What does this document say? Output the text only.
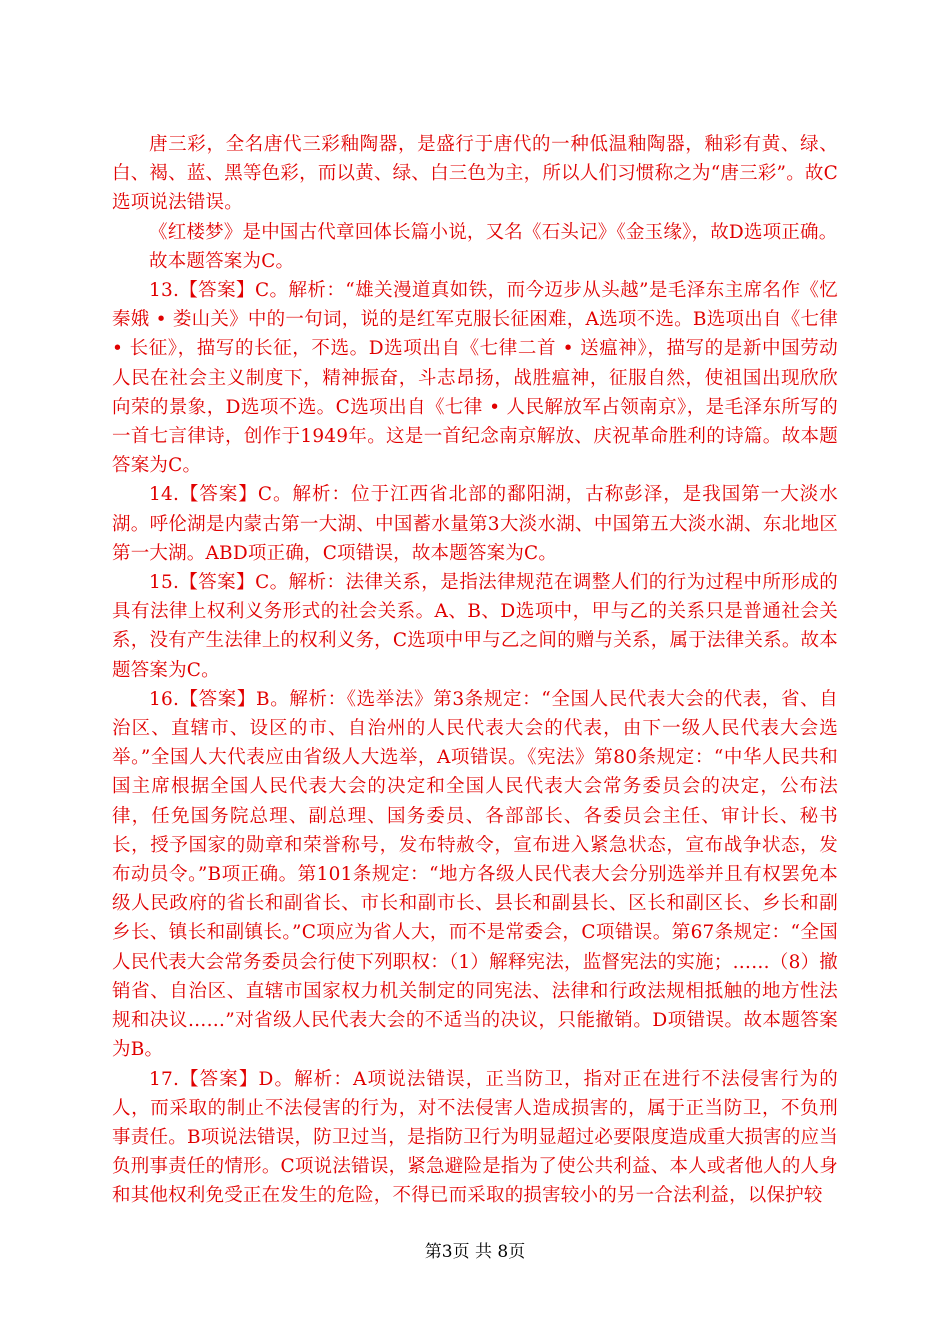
唐三彩，全名唐代三彩釉陶器，是盛行于唐代的一种低温釉陶器，釉彩有黄、绿、白、褐、蓝、黑等色彩，而以黄、绿、白三色为主，所以人们习惯称之为“唐三彩”。故C选项说法错误。

《红楼梦》是中国古代章回体长篇小说，又名《石头记》《金玉缘》，故D选项正确。

故本题答案为C。

13.【答案】C。解析：“雄关漫道真如铁，而今迈步从头越”是毛泽东主席名作《忆秦娥 • 娄山关》中的一句词，说的是红军克服长征困难，A选项不选。B选项出自《七律 • 长征》，描写的长征，不选。D选项出自《七律二首 • 送瘟神》，描写的是新中国劳动人民在社会主义制度下，精神振奋，斗志昂扬，战胜瘟神，征服自然，使祖国出现欣欣向荣的景象，D选项不选。C选项出自《七律 • 人民解放军占领南京》，是毛泽东所写的一首七言律诗，创作于1949年。这是一首纪念南京解放、庆祝革命胜利的诗篇。故本题答案为C。

14.【答案】C。解析：位于江西省北部的鄱阳湖，古称彭泽，是我国第一大淡水湖。呼伦湖是内蒙古第一大湖、中国蓄水量第3大淡水湖、中国第五大淡水湖、东北地区第一大湖。ABD项正确，C项错误，故本题答案为C。

15.【答案】C。解析：法律关系，是指法律规范在调整人们的行为过程中所形成的具有法律上权利义务形式的社会关系。A、B、D选项中，甲与乙的关系只是普通社会关系，没有产生法律上的权利义务，C选项中甲与乙之间的赠与关系，属于法律关系。故本题答案为C。

16.【答案】B。解析：《选举法》第3条规定：“全国人民代表大会的代表，省、自治区、直辖市、设区的市、自治州的人民代表大会的代表，由下一级人民代表大会选举。”全国人大代表应由省级人大选举，A项错误。《宪法》第80条规定：“中华人民共和国主席根据全国人民代表大会的决定和全国人民代表大会常务委员会的决定，公布法律，任免国务院总理、副总理、国务委员、各部部长、各委员会主任、审计长、秘书长，授予国家的勋章和荣誉称号，发布特赦令，宣布进入紧急状态，宣布战争状态，发布动员令。”B项正确。第101条规定：“地方各级人民代表大会分别选举并且有权罢免本级人民政府的省长和副省长、市长和副市长、县长和副县长、区长和副区长、乡长和副乡长、镇长和副镇长。”C项应为省人大，而不是常委会，C项错误。第67条规定：“全国人民代表大会常务委员会行使下列职权：（1）解释宪法，监督宪法的实施；……（8）撤销省、自治区、直辖市国家权力机关制定的同宪法、法律和行政法规相抵触的地方性法规和决议……”对省级人民代表大会的不适当的决议，只能撤销。D项错误。故本题答案为B。

17.【答案】D。解析：A项说法错误，正当防卫，指对正在进行不法侵害行为的人，而采取的制止不法侵害的行为，对不法侵害人造成损害的，属于正当防卫，不负刑事责任。B项说法错误，防卫过当，是指防卫行为明显超过必要限度造成重大损害的应当负刑事责任的情形。C项说法错误，紧急避险是指为了使公共利益、本人或者他人的人身和其他权利免受正在发生的危险，不得已而采取的损害较小的另一合法利益，以保护较

第3页 共 8页
